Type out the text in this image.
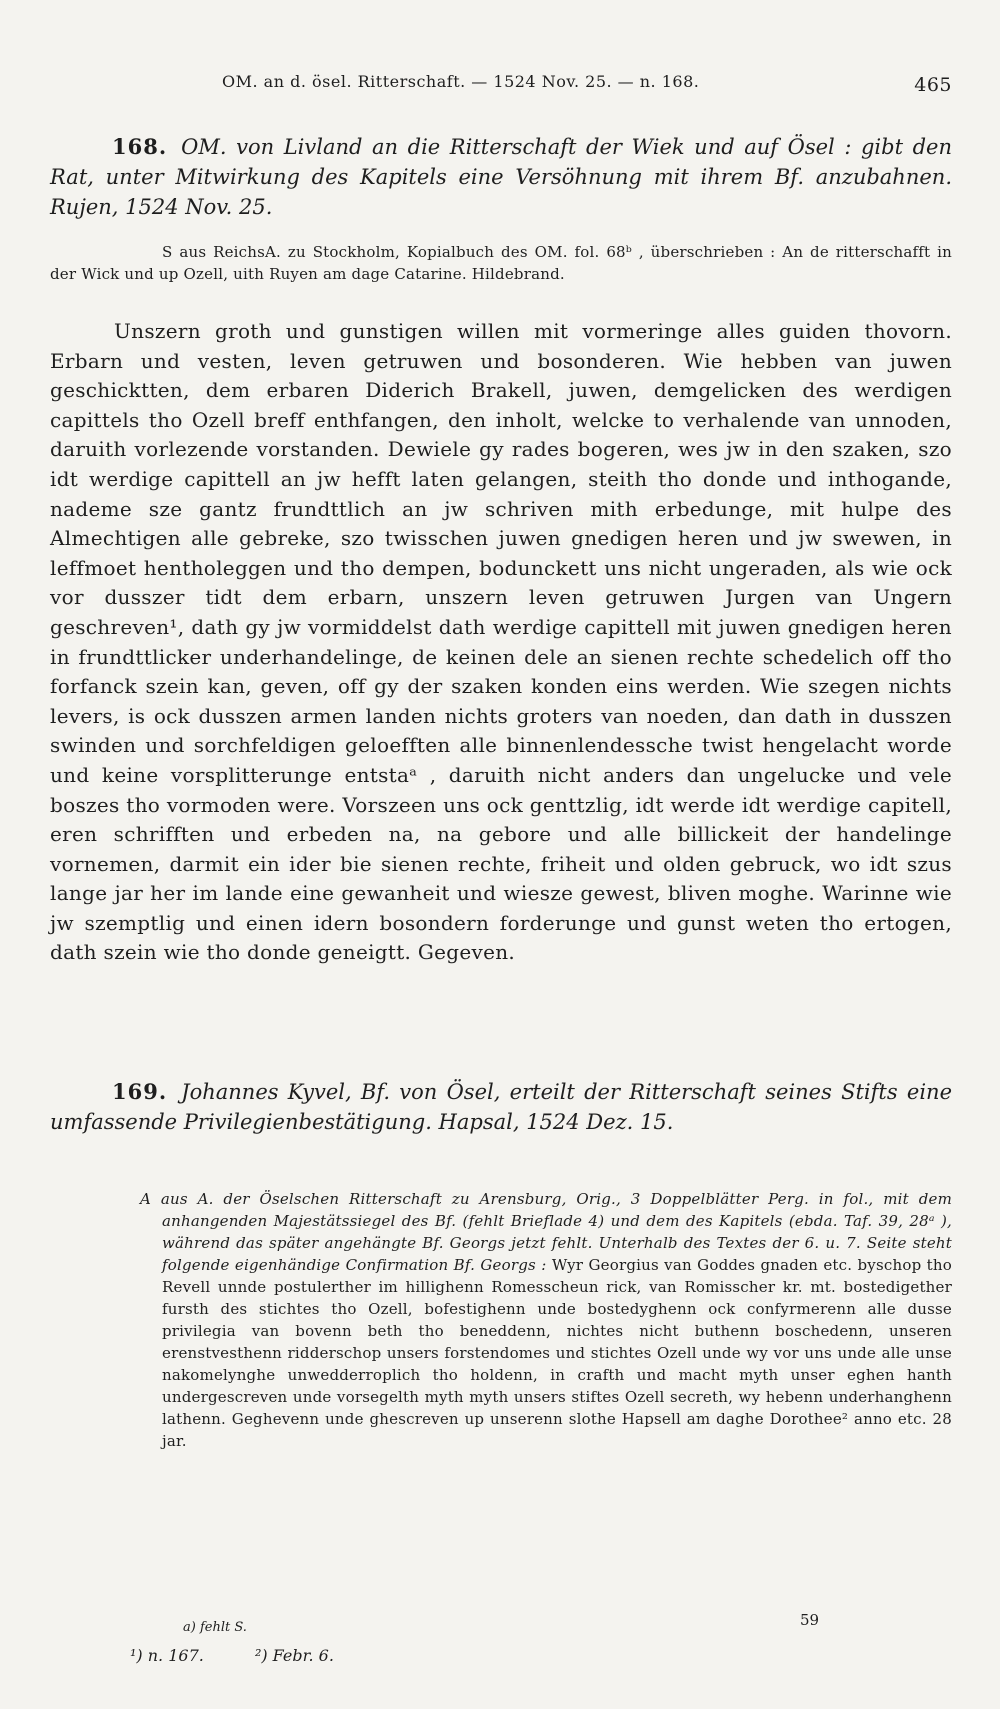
OM. an d. ösel. Ritterschaft. — 1524 Nov. 25. — n. 168.	465
168. OM. von Livland an die Ritterschaft der Wiek und auf Ösel : gibt den Rat, unter Mitwirkung des Kapitels eine Versöhnung mit ihrem Bf. anzubahnen. Rujen, 1524 Nov. 25.
S aus ReichsA. zu Stockholm, Kopialbuch des OM. fol. 68ᵇ , überschrieben : An de ritterschafft in der Wick und up Ozell, uith Ruyen am dage Catarine. Hildebrand.
Unszern groth und gunstigen willen mit vormeringe alles guiden thovorn. Erbarn und vesten, leven getruwen und bosonderen. Wie hebben van juwen geschicktten, dem erbaren Diderich Brakell, juwen, demgelicken des werdigen capittels tho Ozell breff enthfangen, den inholt, welcke to verhalende van unnoden, daruith vorlezende vorstanden. Dewiele gy rades bogeren, wes jw in den szaken, szo idt werdige capittell an jw hefft laten gelangen, steith tho donde und inthogande, nademe sze gantz frundttlich an jw schriven mith erbedunge, mit hulpe des Almechtigen alle gebreke, szo twisschen juwen gnedigen heren und jw swewen, in leffmoet hentholeggen und tho dempen, bodunckett uns nicht ungeraden, als wie ock vor dusszer tidt dem erbarn, unszern leven getruwen Jurgen van Ungern geschreven¹, dath gy jw vormiddelst dath werdige capittell mit juwen gnedigen heren in frundttlicker underhandelinge, de keinen dele an sienen rechte schedelich off tho forfanck szein kan, geven, off gy der szaken konden eins werden. Wie szegen nichts levers, is ock dusszen armen landen nichts groters van noeden, dan dath in dusszen swinden und sorchfeldigen geloefften alle binnenlendessche twist hengelacht worde und keine vorsplitterunge entstaᵃ , daruith nicht anders dan ungelucke und vele boszes tho vormoden were. Vorszeen uns ock genttzlig, idt werde idt werdige capitell, eren schrifften und erbeden na, na gebore und alle billickeit der handelinge vornemen, darmit ein ider bie sienen rechte, friheit und olden gebruck, wo idt szus lange jar her im lande eine gewanheit und wiesze gewest, bliven moghe. Warinne wie jw szemptlig und einen idern bosondern forderunge und gunst weten tho ertogen, dath szein wie tho donde geneigtt. Gegeven.
169. Johannes Kyvel, Bf. von Ösel, erteilt der Ritterschaft seines Stifts eine umfassende Privilegienbestätigung. Hapsal, 1524 Dez. 15.
A aus A. der Öselschen Ritterschaft zu Arensburg, Orig., 3 Doppelblätter Perg. in fol., mit dem anhangenden Majestätssiegel des Bf. (fehlt Brieflade 4) und dem des Kapitels (ebda. Taf. 39, 28ᵃ ), während das später angehängte Bf. Georgs jetzt fehlt. Unterhalb des Textes der 6. u. 7. Seite steht folgende eigenhändige Confirmation Bf. Georgs : Wyr Georgius van Goddes gnaden etc. byschop tho Revell unnde postulerther im hillighenn Romesscheun rick, van Romisscher kr. mt. bostedigether fursth des stichtes tho Ozell, bofestighenn unde bostedyghenn ock confyrmerenn alle dusse privilegia van bovenn beth tho beneddenn, nichtes nicht buthenn boschedenn, unseren erenstvesthenn ridderschop unsers forstendomes und stichtes Ozell unde wy vor uns unde alle unse nakomelynghe unwedderroplich tho holdenn, in crafth und macht myth unser eghen hanth undergescreven unde vorsegelth myth myth unsers stiftes Ozell secreth, wy hebenn underhanghenn lathenn. Geghevenn unde ghescreven up unserenn slothe Hapsell am daghe Dorothee² anno etc. 28 jar.
a) fehlt S.
¹) n. 167.	²) Febr. 6.
59
